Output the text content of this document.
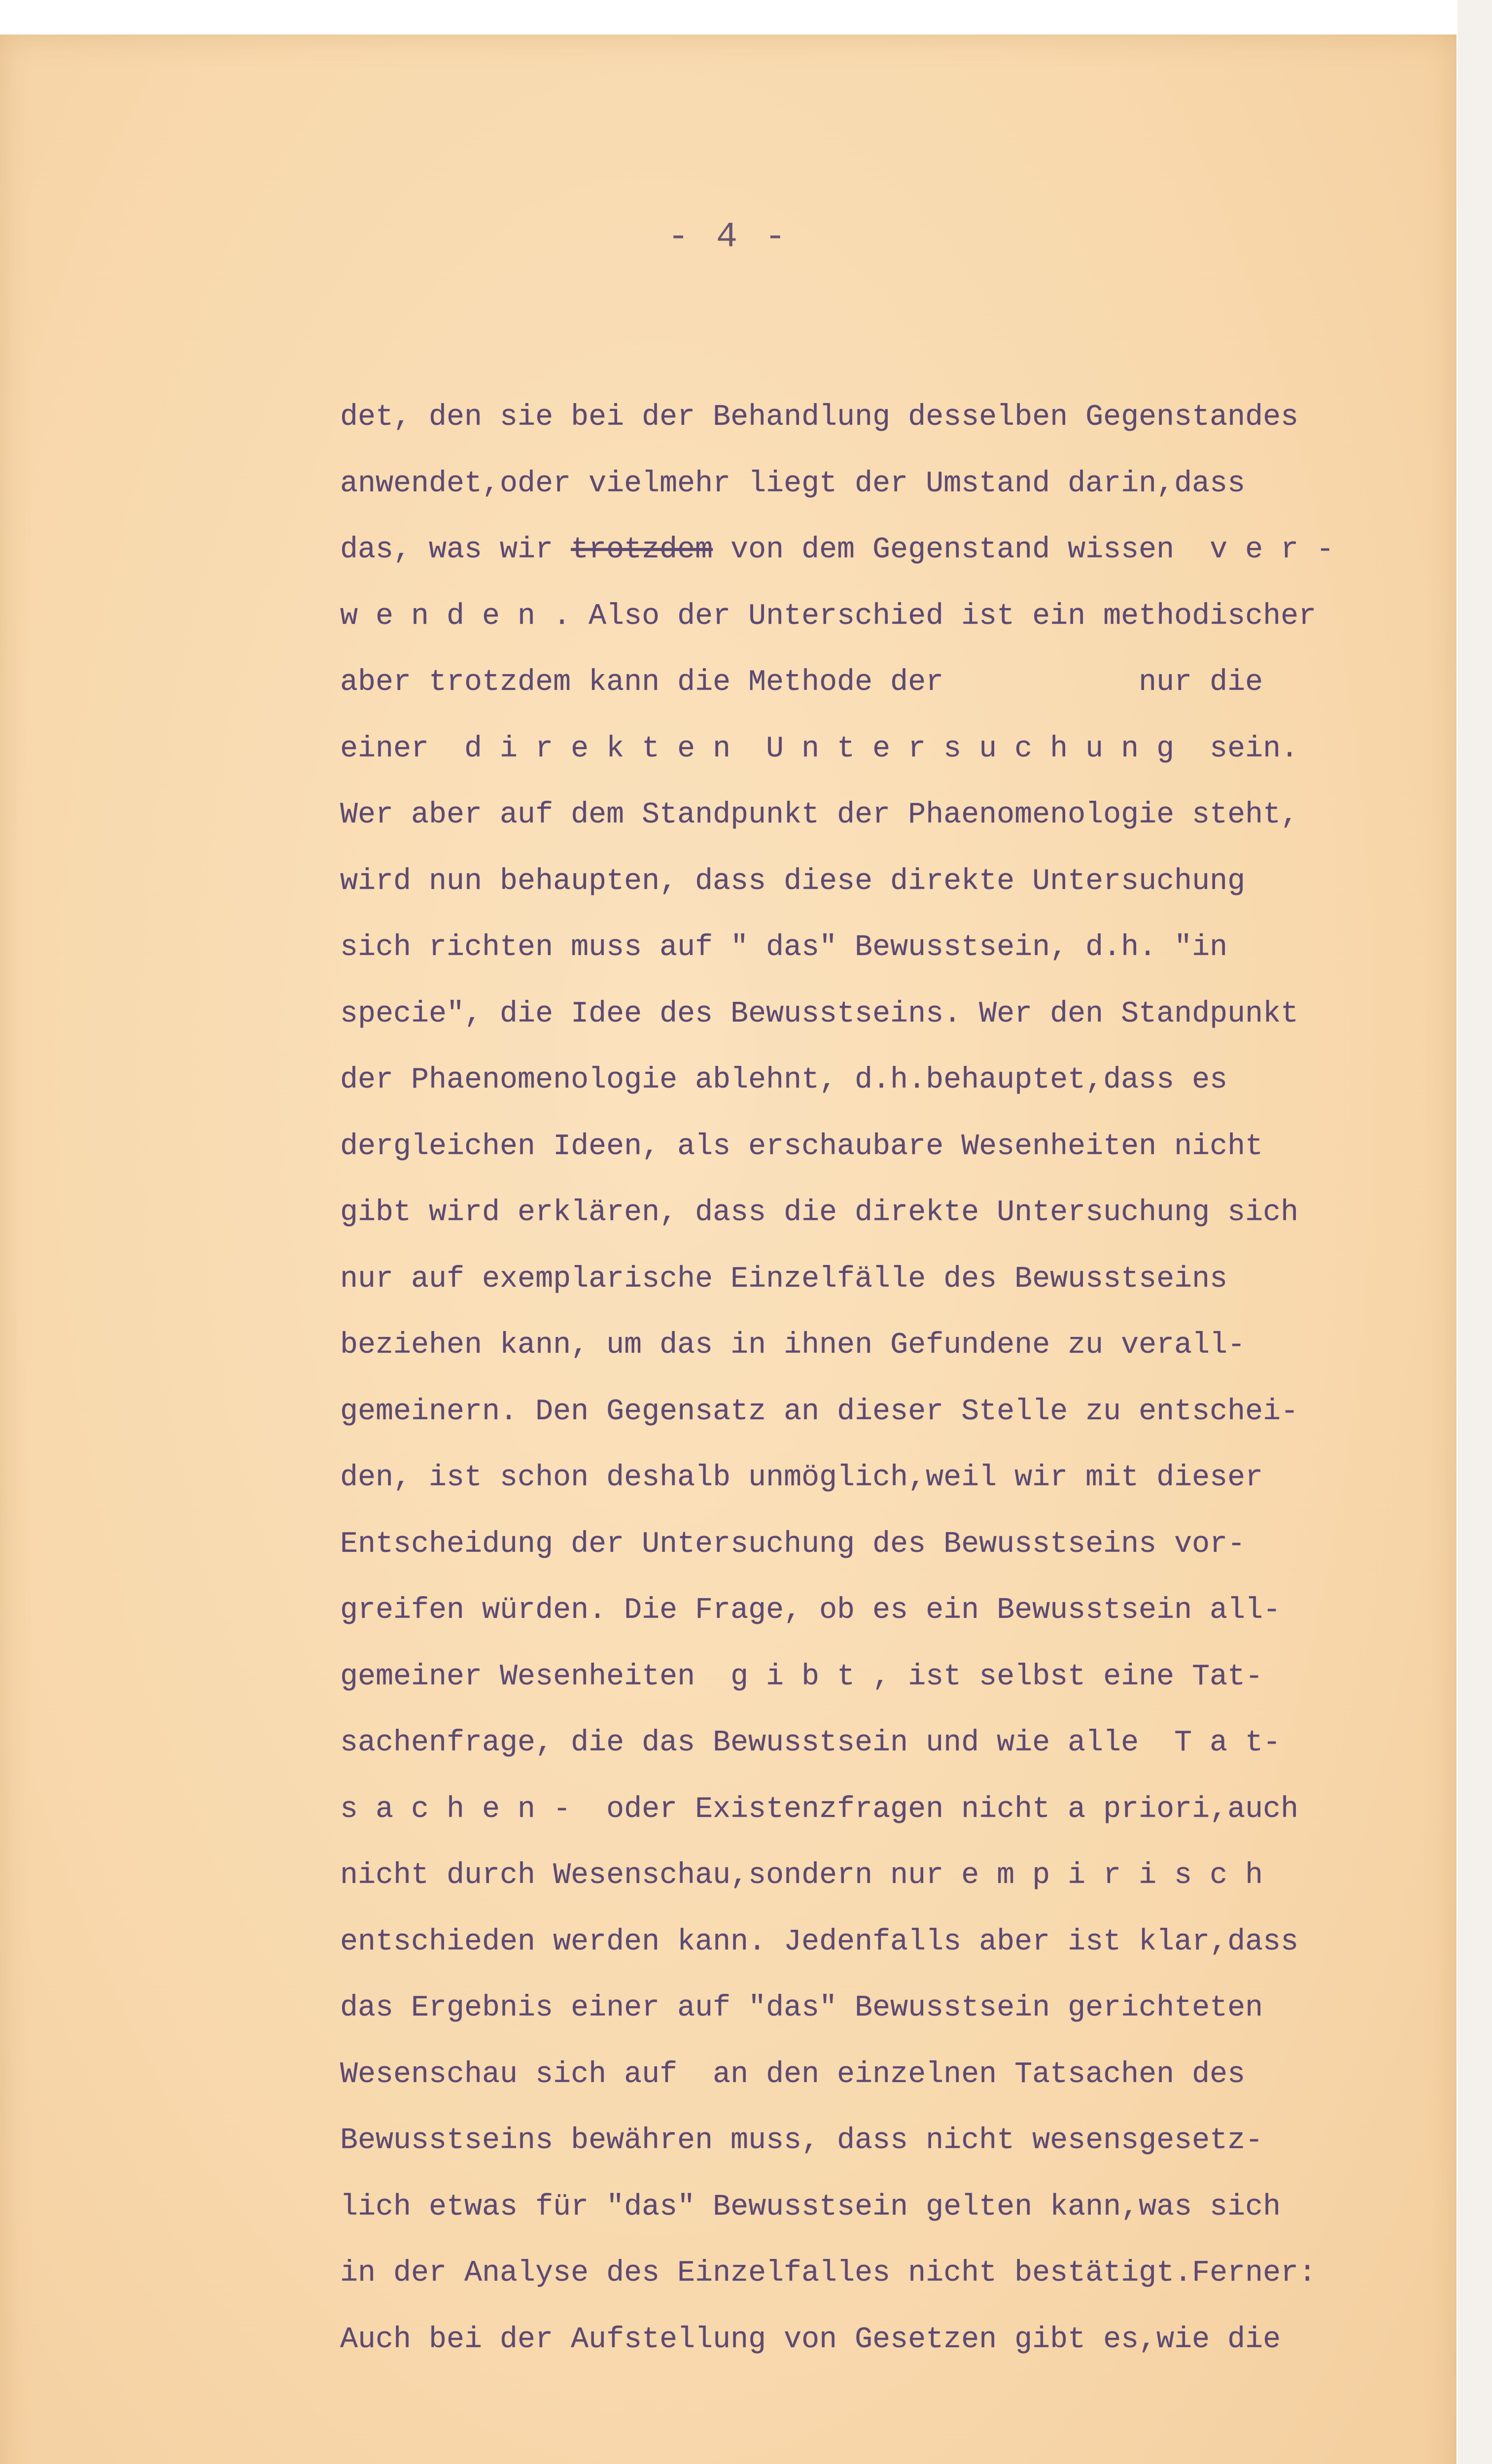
- 4 -
det, den sie bei der Behandlung desselben Gegenstandes
anwendet,oder vielmehr liegt der Umstand darin,dass
das, was wir trotzdem von dem Gegenstand wissen  v e r -
w e n d e n . Also der Unterschied ist ein methodischer
aber trotzdem kann die Methode der           nur die
einer  d i r e k t e n  U n t e r s u c h u n g  sein.
Wer aber auf dem Standpunkt der Phaenomenologie steht,
wird nun behaupten, dass diese direkte Untersuchung
sich richten muss auf " das" Bewusstsein, d.h. "in
specie", die Idee des Bewusstseins. Wer den Standpunkt
der Phaenomenologie ablehnt, d.h.behauptet,dass es
dergleichen Ideen, als erschaubare Wesenheiten nicht
gibt wird erklären, dass die direkte Untersuchung sich
nur auf exemplarische Einzelfälle des Bewusstseins
beziehen kann, um das in ihnen Gefundene zu verall-
gemeinern. Den Gegensatz an dieser Stelle zu entschei-
den, ist schon deshalb unmöglich,weil wir mit dieser
Entscheidung der Untersuchung des Bewusstseins vor-
greifen würden. Die Frage, ob es ein Bewusstsein all-
gemeiner Wesenheiten  g i b t , ist selbst eine Tat-
sachenfrage, die das Bewusstsein und wie alle  T a t-
s a c h e n -  oder Existenzfragen nicht a priori,auch
nicht durch Wesenschau,sondern nur e m p i r i s c h
entschieden werden kann. Jedenfalls aber ist klar,dass
das Ergebnis einer auf "das" Bewusstsein gerichteten
Wesenschau sich auf  an den einzelnen Tatsachen des
Bewusstseins bewähren muss, dass nicht wesensgesetz-
lich etwas für "das" Bewusstsein gelten kann,was sich
in der Analyse des Einzelfalles nicht bestätigt.Ferner:
Auch bei der Aufstellung von Gesetzen gibt es,wie die
